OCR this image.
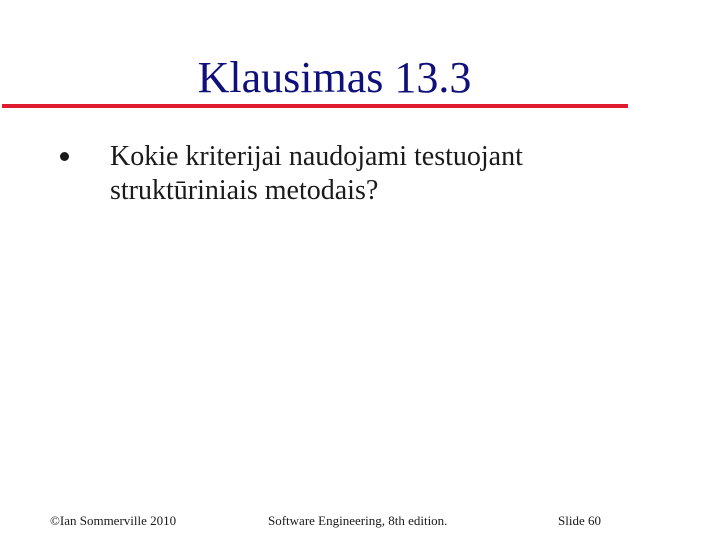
Klausimas 13.3
Kokie kriterijai naudojami testuojant
struktūriniais metodais?
©Ian Sommerville 2010	Software Engineering, 8th edition.	Slide 60
